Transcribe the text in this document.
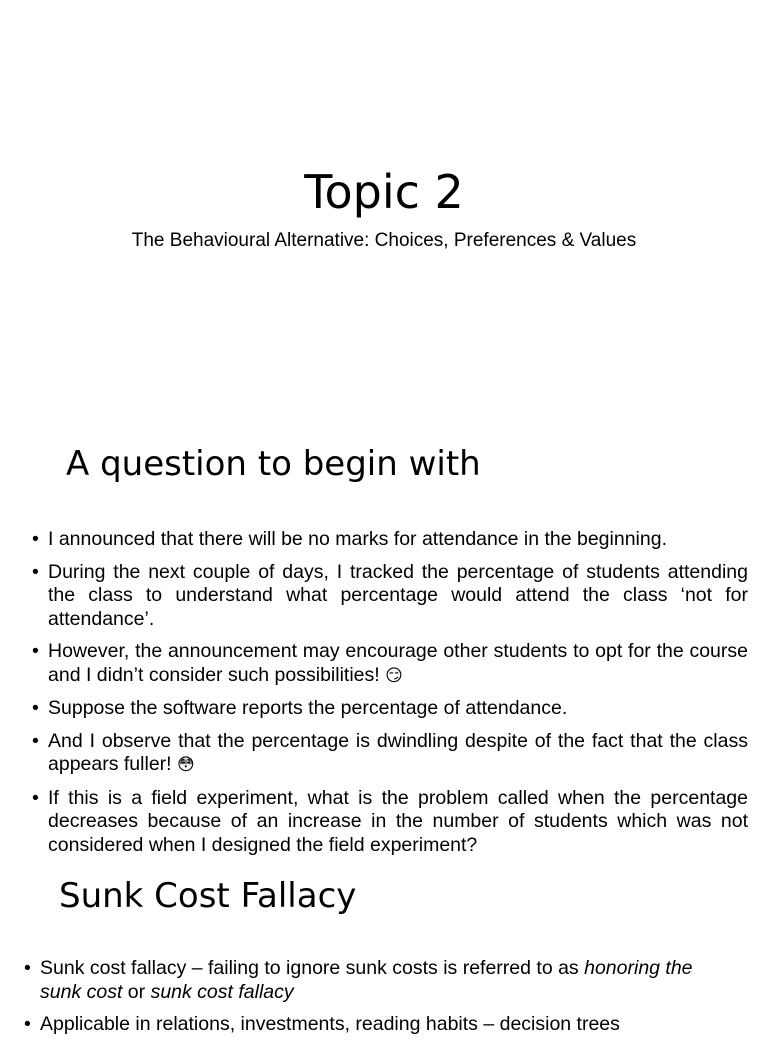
Topic 2
The Behavioural Alternative: Choices, Preferences & Values
A question to begin with
• I announced that there will be no marks for attendance in the beginning.
• During the next couple of days, I tracked the percentage of students attending the class to understand what percentage would attend the class ‘not for attendance’.
• However, the announcement may encourage other students to opt for the course and I didn’t consider such possibilities! 😏
• Suppose the software reports the percentage of attendance.
• And I observe that the percentage is dwindling despite of the fact that the class appears fuller! 😳
• If this is a field experiment, what is the problem called when the percentage decreases because of an increase in the number of students which was not considered when I designed the field experiment?
Sunk Cost Fallacy
• Sunk cost fallacy – failing to ignore sunk costs is referred to as honoring the sunk cost or sunk cost fallacy
• Applicable in relations, investments, reading habits – decision trees
